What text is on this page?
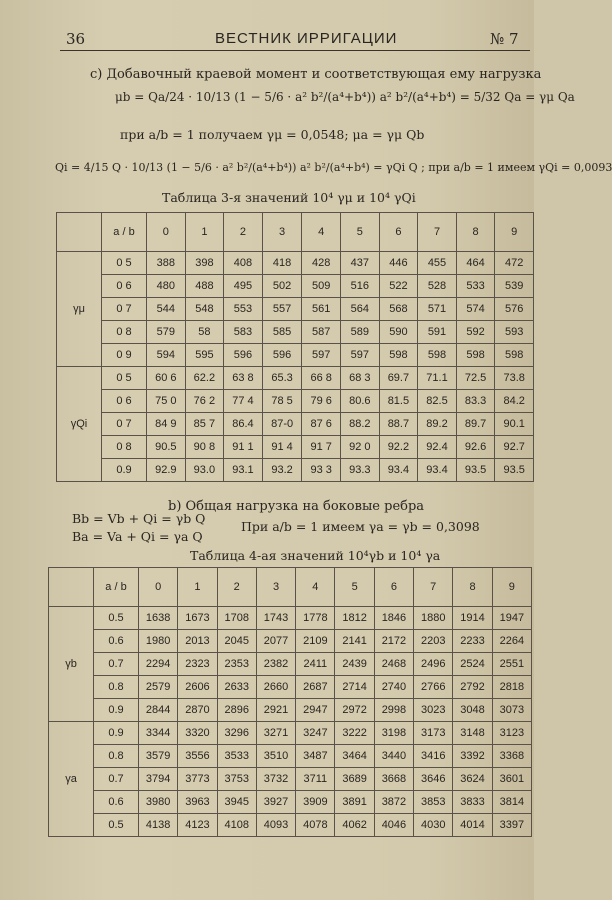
36	ВЕСТНИК ИРРИГАЦИИ	№ 7
c) Добавочный краевой момент и соответствующая ему нагрузка
μb = Qa/24 · 10/13 (1 − 5/6 · a² b²/(a⁴+b⁴)) a² b²/(a⁴+b⁴) = 5/32 Qa = γμ Qa
при a/b = 1 получаем γμ = 0,0548; μa = γμ Qb
Qi = 4/15 Q · 10/13 (1 − 5/6 · a² b²/(a⁴+b⁴)) a² b²/(a⁴+b⁴) = γQi Q ; при a/b = 1 имеем γQi = 0,0093
Таблица 3-я значений 10⁴ γμ и 10⁴ γQi
	a / b	0	1	2	3	4	5	6	7	8	9
γμ	0 5	388	398	408	418	428	437	446	455	464	472
	0 6	480	488	495	502	509	516	522	528	533	539
	0 7	544	548	553	557	561	564	568	571	574	576
	0 8	579	58	583	585	587	589	590	591	592	593
	0 9	594	595	596	596	597	597	598	598	598	598
γQi	0 5	60 6	62.2	63 8	65.3	66 8	68 3	69.7	71.1	72.5	73.8
	0 6	75 0	76 2	77 4	78 5	79 6	80.6	81.5	82.5	83.3	84.2
	0 7	84 9	85 7	86.4	87-0	87 6	88.2	88.7	89.2	89.7	90.1
	0 8	90.5	90 8	91 1	91 4	91 7	92 0	92.2	92.4	92.6	92.7
	0.9	92.9	93.0	93.1	93.2	93 3	93.3	93.4	93.4	93.5	93.5
b) Общая нагрузка на боковые ребра
Bb = Vb + Qi = γb Q
Ba = Va + Qi = γa Q
При a/b = 1 имеем γa = γb = 0,3098
Таблица 4-ая значений 10⁴γb и 10⁴ γa
	a / b	0	1	2	3	4	5	6	7	8	9
γb	0.5	1638	1673	1708	1743	1778	1812	1846	1880	1914	1947
	0.6	1980	2013	2045	2077	2109	2141	2172	2203	2233	2264
	0.7	2294	2323	2353	2382	2411	2439	2468	2496	2524	2551
	0.8	2579	2606	2633	2660	2687	2714	2740	2766	2792	2818
	0.9	2844	2870	2896	2921	2947	2972	2998	3023	3048	3073
γa	0.9	3344	3320	3296	3271	3247	3222	3198	3173	3148	3123
	0.8	3579	3556	3533	3510	3487	3464	3440	3416	3392	3368
	0.7	3794	3773	3753	3732	3711	3689	3668	3646	3624	3601
	0.6	3980	3963	3945	3927	3909	3891	3872	3853	3833	3814
	0.5	4138	4123	4108	4093	4078	4062	4046	4030	4014	3397
